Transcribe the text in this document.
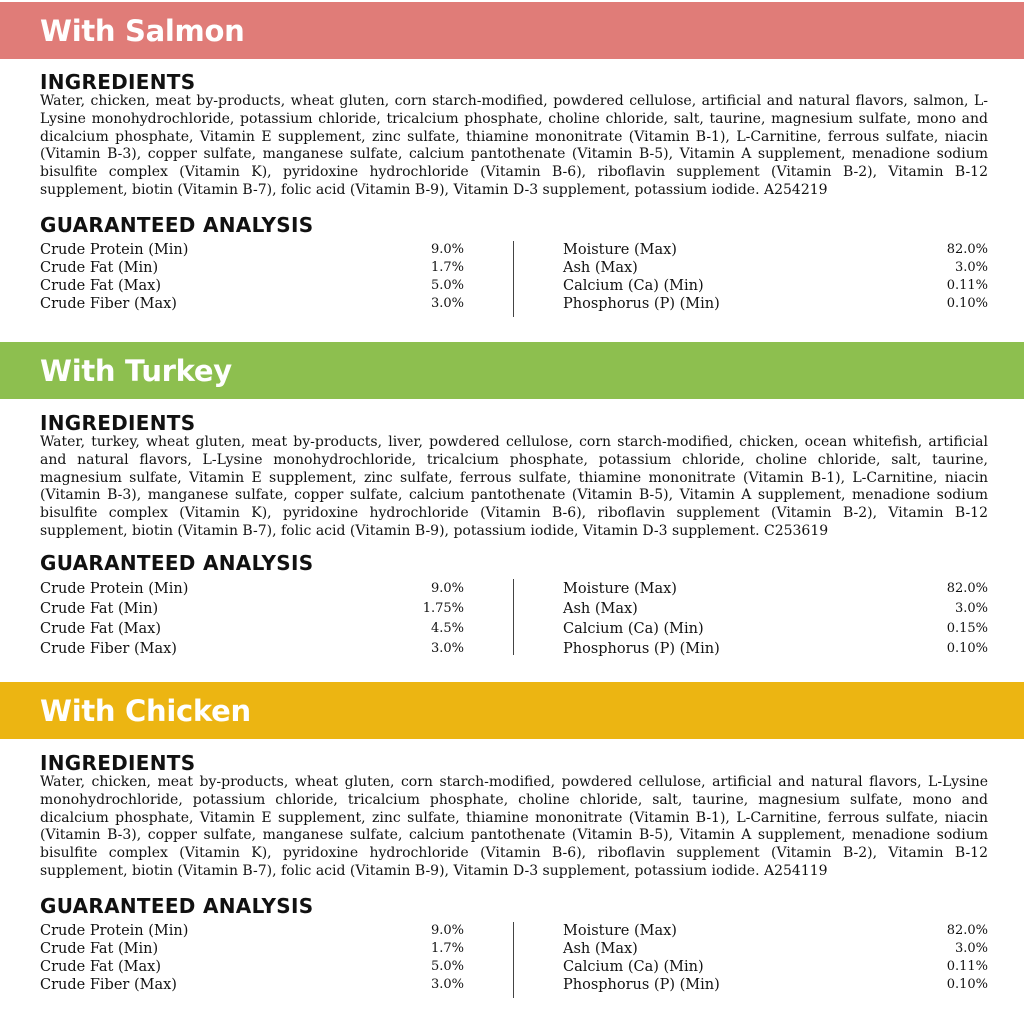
With Salmon
INGREDIENTS
Water, chicken, meat by-products, wheat gluten, corn starch-modified, powdered cellulose, artificial and natural flavors, salmon, L-Lysine monohydrochloride, potassium chloride, tricalcium phosphate, choline chloride, salt, taurine, magnesium sulfate, mono and dicalcium phosphate, Vitamin E supplement, zinc sulfate, thiamine mononitrate (Vitamin B-1), L-Carnitine, ferrous sulfate, niacin (Vitamin B-3), copper sulfate, manganese sulfate, calcium pantothenate (Vitamin B-5), Vitamin A supplement, menadione sodium bisulfite complex (Vitamin K), pyridoxine hydrochloride (Vitamin B-6), riboflavin supplement (Vitamin B-2), Vitamin B-12 supplement, biotin (Vitamin B-7), folic acid (Vitamin B-9), Vitamin D-3 supplement, potassium iodide. A254219
GUARANTEED ANALYSIS
Crude Protein (Min)	9.0%
Crude Fat (Min)	1.7%
Crude Fat (Max)	5.0%
Crude Fiber (Max)	3.0%
Moisture (Max)	82.0%
Ash (Max)	3.0%
Calcium (Ca) (Min)	0.11%
Phosphorus (P) (Min)	0.10%
With Turkey
INGREDIENTS
Water, turkey, wheat gluten, meat by-products, liver, powdered cellulose, corn starch-modified, chicken, ocean whitefish, artificial and natural flavors, L-Lysine monohydrochloride, tricalcium phosphate, potassium chloride, choline chloride, salt, taurine, magnesium sulfate, Vitamin E supplement, zinc sulfate, ferrous sulfate, thiamine mononitrate (Vitamin B-1), L-Carnitine, niacin (Vitamin B-3), manganese sulfate, copper sulfate, calcium pantothenate (Vitamin B-5), Vitamin A supplement, menadione sodium bisulfite complex (Vitamin K), pyridoxine hydrochloride (Vitamin B-6), riboflavin supplement (Vitamin B-2), Vitamin B-12 supplement, biotin (Vitamin B-7), folic acid (Vitamin B-9), potassium iodide, Vitamin D-3 supplement. C253619
GUARANTEED ANALYSIS
Crude Protein (Min)	9.0%
Crude Fat (Min)	1.75%
Crude Fat (Max)	4.5%
Crude Fiber (Max)	3.0%
Moisture (Max)	82.0%
Ash (Max)	3.0%
Calcium (Ca) (Min)	0.15%
Phosphorus (P) (Min)	0.10%
With Chicken
INGREDIENTS
Water, chicken, meat by-products, wheat gluten, corn starch-modified, powdered cellulose, artificial and natural flavors, L-Lysine monohydrochloride, potassium chloride, tricalcium phosphate, choline chloride, salt, taurine, magnesium sulfate, mono and dicalcium phosphate, Vitamin E supplement, zinc sulfate, thiamine mononitrate (Vitamin B-1), L-Carnitine, ferrous sulfate, niacin (Vitamin B-3), copper sulfate, manganese sulfate, calcium pantothenate (Vitamin B-5), Vitamin A supplement, menadione sodium bisulfite complex (Vitamin K), pyridoxine hydrochloride (Vitamin B-6), riboflavin supplement (Vitamin B-2), Vitamin B-12 supplement, biotin (Vitamin B-7), folic acid (Vitamin B-9), Vitamin D-3 supplement, potassium iodide. A254119
GUARANTEED ANALYSIS
Crude Protein (Min)	9.0%
Crude Fat (Min)	1.7%
Crude Fat (Max)	5.0%
Crude Fiber (Max)	3.0%
Moisture (Max)	82.0%
Ash (Max)	3.0%
Calcium (Ca) (Min)	0.11%
Phosphorus (P) (Min)	0.10%
